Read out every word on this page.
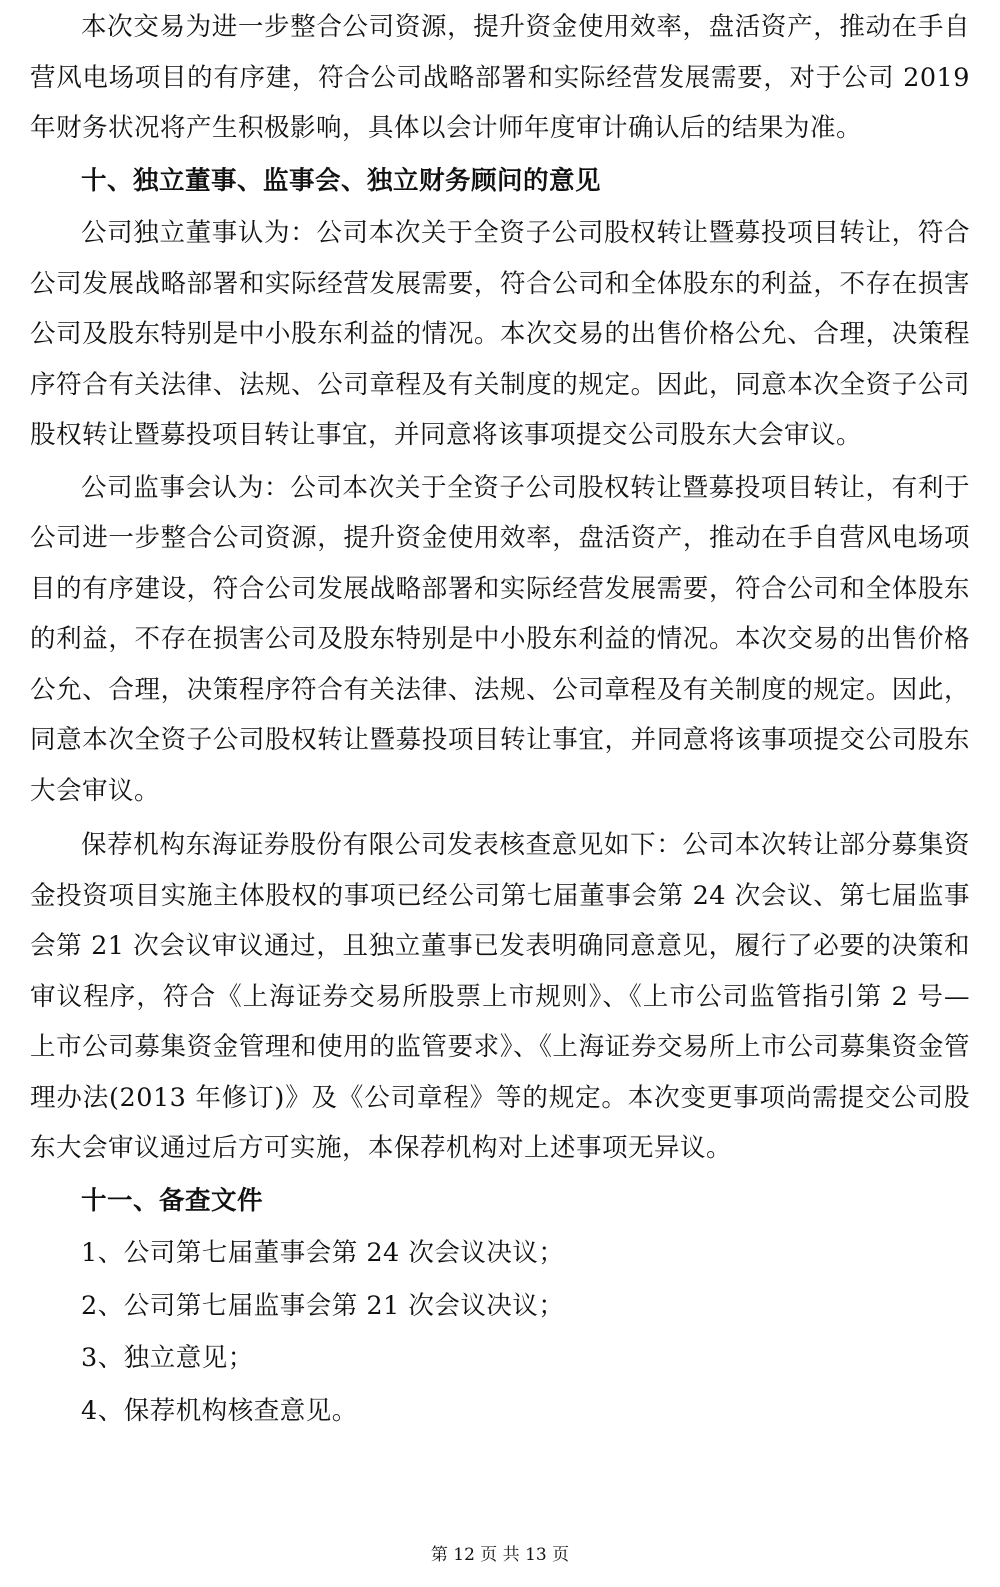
本次交易为进一步整合公司资源，提升资金使用效率，盘活资产，推动在手自营风电场项目的有序建，符合公司战略部署和实际经营发展需要，对于公司 2019 年财务状况将产生积极影响，具体以会计师年度审计确认后的结果为准。

十、独立董事、监事会、独立财务顾问的意见

公司独立董事认为：公司本次关于全资子公司股权转让暨募投项目转让，符合公司发展战略部署和实际经营发展需要，符合公司和全体股东的利益，不存在损害公司及股东特别是中小股东利益的情况。本次交易的出售价格公允、合理，决策程序符合有关法律、法规、公司章程及有关制度的规定。因此，同意本次全资子公司股权转让暨募投项目转让事宜，并同意将该事项提交公司股东大会审议。

公司监事会认为：公司本次关于全资子公司股权转让暨募投项目转让，有利于公司进一步整合公司资源，提升资金使用效率，盘活资产，推动在手自营风电场项目的有序建设，符合公司发展战略部署和实际经营发展需要，符合公司和全体股东的利益，不存在损害公司及股东特别是中小股东利益的情况。本次交易的出售价格公允、合理，决策程序符合有关法律、法规、公司章程及有关制度的规定。因此，同意本次全资子公司股权转让暨募投项目转让事宜，并同意将该事项提交公司股东大会审议。

保荐机构东海证券股份有限公司发表核查意见如下：公司本次转让部分募集资金投资项目实施主体股权的事项已经公司第七届董事会第 24 次会议、第七届监事会第 21 次会议审议通过，且独立董事已发表明确同意意见，履行了必要的决策和审议程序，符合《上海证券交易所股票上市规则》、《上市公司监管指引第 2 号—上市公司募集资金管理和使用的监管要求》、《上海证券交易所上市公司募集资金管理办法(2013 年修订)》及《公司章程》等的规定。本次变更事项尚需提交公司股东大会审议通过后方可实施，本保荐机构对上述事项无异议。

十一、备查文件

1、公司第七届董事会第 24 次会议决议；

2、公司第七届监事会第 21 次会议决议；

3、独立意见；

4、保荐机构核查意见。

第 12 页 共 13 页
